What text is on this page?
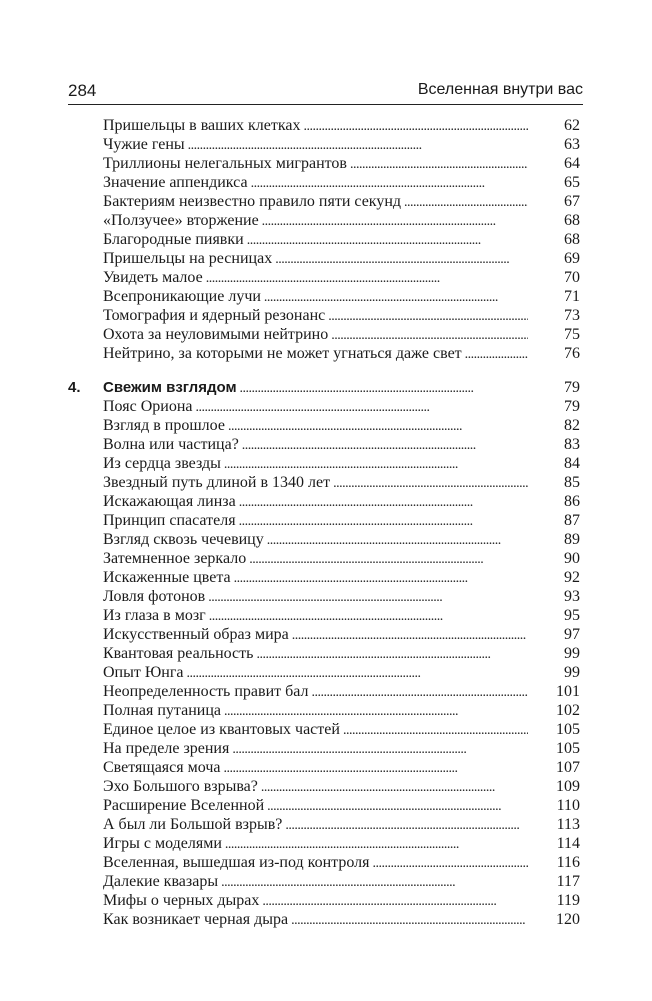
284	Вселенная внутри вас
Пришельцы в ваших клетках . . .	62
Чужие гены . . .	63
Триллионы нелегальных мигрантов . . .	64
Значение аппендикса . . .	65
Бактериям неизвестно правило пяти секунд . . .	67
«Ползучее» вторжение . . .	68
Благородные пиявки . . .	68
Пришельцы на ресницах . . .	69
Увидеть малое . . .	70
Всепроникающие лучи . . .	71
Томография и ядерный резонанс . . .	73
Охота за неуловимыми нейтрино . . .	75
Нейтрино, за которыми не может угнаться даже свет . . .	76
4. Свежим взглядом . . .	79
Пояс Ориона . . .	79
Взгляд в прошлое . . .	82
Волна или частица? . . .	83
Из сердца звезды . . .	84
Звездный путь длиной в 1340 лет . . .	85
Искажающая линза . . .	86
Принцип спасателя . . .	87
Взгляд сквозь чечевицу . . .	89
Затемненное зеркало . . .	90
Искаженные цвета . . .	92
Ловля фотонов . . .	93
Из глаза в мозг . . .	95
Искусственный образ мира . . .	97
Квантовая реальность . . .	99
Опыт Юнга . . .	99
Неопределенность правит бал . . .	101
Полная путаница . . .	102
Единое целое из квантовых частей . . .	105
На пределе зрения . . .	105
Светящаяся моча . . .	107
Эхо Большого взрыва? . . .	109
Расширение Вселенной . . .	110
А был ли Большой взрыв? . . .	113
Игры с моделями . . .	114
Вселенная, вышедшая из-под контроля . . .	116
Далекие квазары . . .	117
Мифы о черных дырах . . .	119
Как возникает черная дыра . . .	120
